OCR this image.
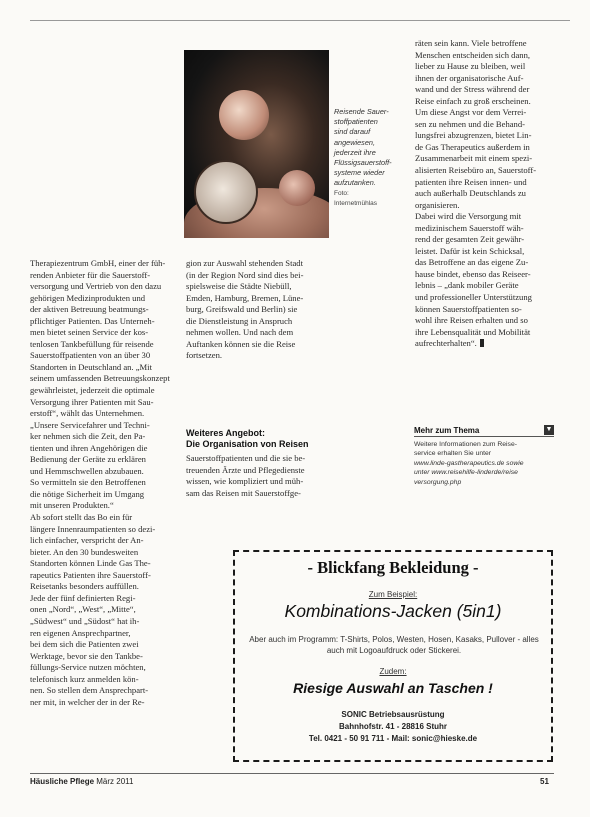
Reisende Sauer-
stoffpatienten
sind darauf
angewiesen,
jederzeit ihre
Flüssigsauerstoff-
systeme wieder
aufzutanken.
Foto:
Internetmühlas
Therapiezentrum GmbH, einer der füh-
renden Anbieter für die Sauerstoff-
versorgung und Vertrieb von den dazu
gehörigen Medizinprodukten und
der aktiven Betreuung beatmungs-
pflichtiger Patienten. Das Unterneh-
men bietet seinen Service der kos-
tenlosen Tankbefüllung für reisende
Sauerstoffpatienten von an über 30
Standorten in Deutschland an. „Mit
seinem umfassenden Betreuungskonzept
gewährleistet, jederzeit die optimale
Versorgung ihrer Patienten mit Sau-
erstoff“, wählt das Unternehmen.
„Unsere Servicefahrer und Techni-
ker nehmen sich die Zeit, den Pa-
tienten und ihren Angehörigen die
Bedienung der Geräte zu erklären
und Hemmschwellen abzubauen.
So vermitteln sie den Betroffenen
die nötige Sicherheit im Umgang
mit unseren Produkten.“
Ab sofort stellt das Bo ein für
längere Innenraumpatienten so dezi-
lich einfacher, verspricht der An-
bieter. An den 30 bundesweiten
Standorten können Linde Gas The-
rapeutics Patienten ihre Sauerstoff-
Reisetanks besonders auffüllen.
Jede der fünf definierten Regi-
onen „Nord“, „West“, „Mitte“,
„Südwest“ und „Südost“ hat ih-
ren eigenen Ansprechpartner,
bei dem sich die Patienten zwei
Werktage, bevor sie den Tankbe-
füllungs-Service nutzen möchten,
telefonisch kurz anmelden kön-
nen. So stellen dem Ansprechpart-
ner mit, in welcher der in der Re-
gion zur Auswahl stehenden Stadt
(in der Region Nord sind dies bei-
spielsweise die Städte Niebüll,
Emden, Hamburg, Bremen, Lüne-
burg, Greifswald und Berlin) sie
die Dienstleistung in Anspruch
nehmen wollen. Und nach dem
Auftanken können sie die Reise
fortsetzen.
Weiteres Angebot:
Die Organisation von Reisen
Sauerstoffpatienten und die sie be-
treuenden Ärzte und Pflegedienste
wissen, wie kompliziert und müh-
sam das Reisen mit Sauerstoffge-
räten sein kann. Viele betroffene
Menschen entscheiden sich dann,
lieber zu Hause zu bleiben, weil
ihnen der organisatorische Auf-
wand und der Stress während der
Reise einfach zu groß erscheinen.
Um diese Angst vor dem Verrei-
sen zu nehmen und die Behand-
lungsfrei abzugrenzen, bietet Lin-
de Gas Therapeutics außerdem in
Zusammenarbeit mit einem spezi-
alisierten Reisebüro an, Sauerstoff-
patienten ihre Reisen innen- und
auch außerhalb Deutschlands zu
organisieren.
Dabei wird die Versorgung mit
medizinischem Sauerstoff wäh-
rend der gesamten Zeit gewähr-
leistet. Dafür ist kein Schicksal,
das Betroffene an das eigene Zu-
hause bindet, ebenso das Reiseer-
lebnis – „dank mobiler Geräte
und professioneller Unterstützung
können Sauerstoffpatienten so-
wohl ihre Reisen erhalten und so
ihre Lebensqualität und Mobilität
aufrechterhalten“.
Mehr zum Thema	▼
Weitere Informationen zum Reise-
service erhalten Sie unter
www.linde-gastherapeutics.de sowie
unter www.reisehilfe-linderde/reise
versorgung.php
- Blickfang Bekleidung -
Zum Beispiel:
Kombinations-Jacken (5in1)
Aber auch im Programm: T-Shirts, Polos, Westen, Hosen, Kasaks, Pullover - alles auch mit Logoaufdruck oder Stickerei.
Zudem:
Riesige Auswahl an Taschen !
SONIC Betriebsausrüstung
Bahnhofstr. 41 - 28816 Stuhr
Tel. 0421 - 50 91 711 - Mail: sonic@hieske.de
Häusliche Pflege März 2011	51
